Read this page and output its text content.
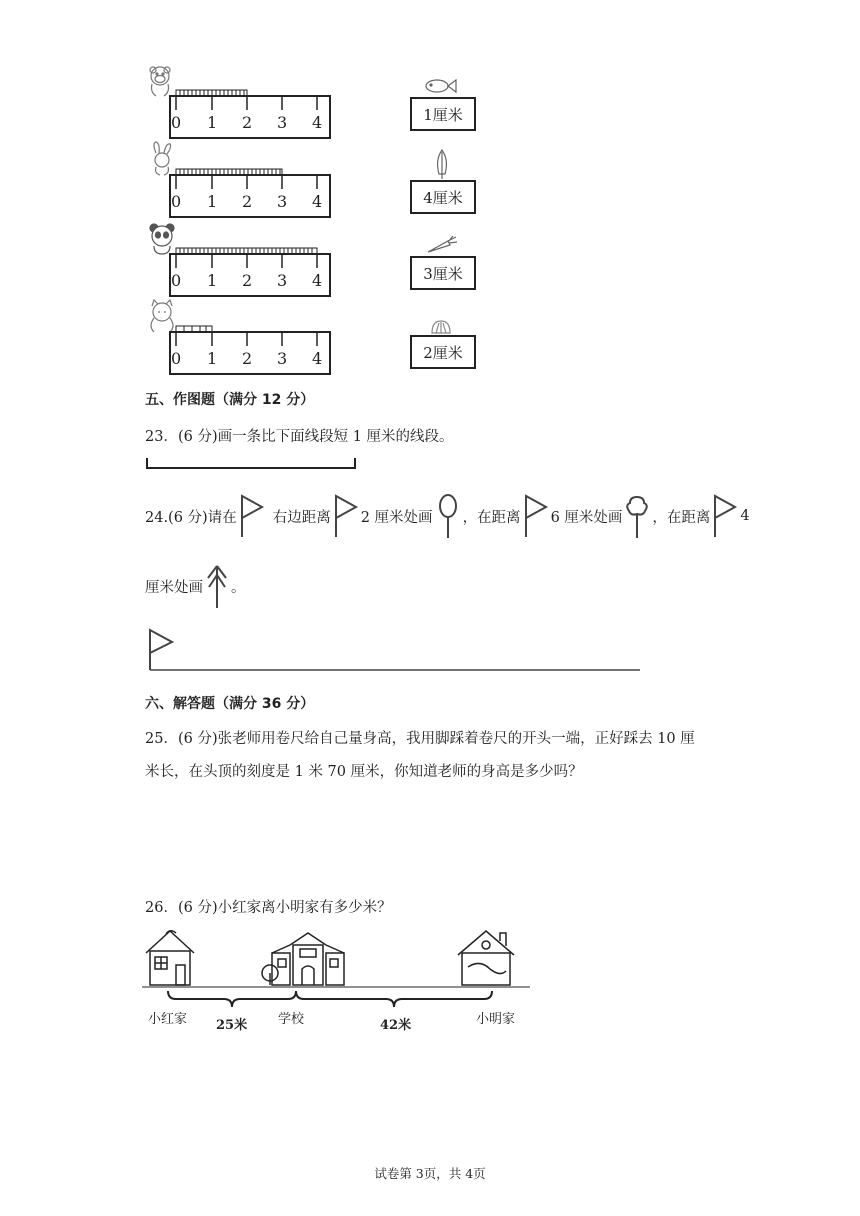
0 1 2 3 4	1厘米
0 1 2 3 4	4厘米
0 1 2 3 4	3厘米
0 1 2 3 4	2厘米
五、作图题（满分 12 分）
23．(6 分)画一条比下面线段短 1 厘米的线段。
24.(6 分)请在 右边距离 2 厘米处画 ，在距离 6 厘米处画 ，在距离 4
厘米处画 。
六、解答题（满分 36 分）
25．(6 分)张老师用卷尺给自己量身高，我用脚踩着卷尺的开头一端，正好踩去 10 厘
米长，在头顶的刻度是 1 米 70 厘米，你知道老师的身高是多少吗？
26．(6 分)小红家离小明家有多少米？
小红家	学校	小明家
25米	42米
试卷第 3页，共 4页
